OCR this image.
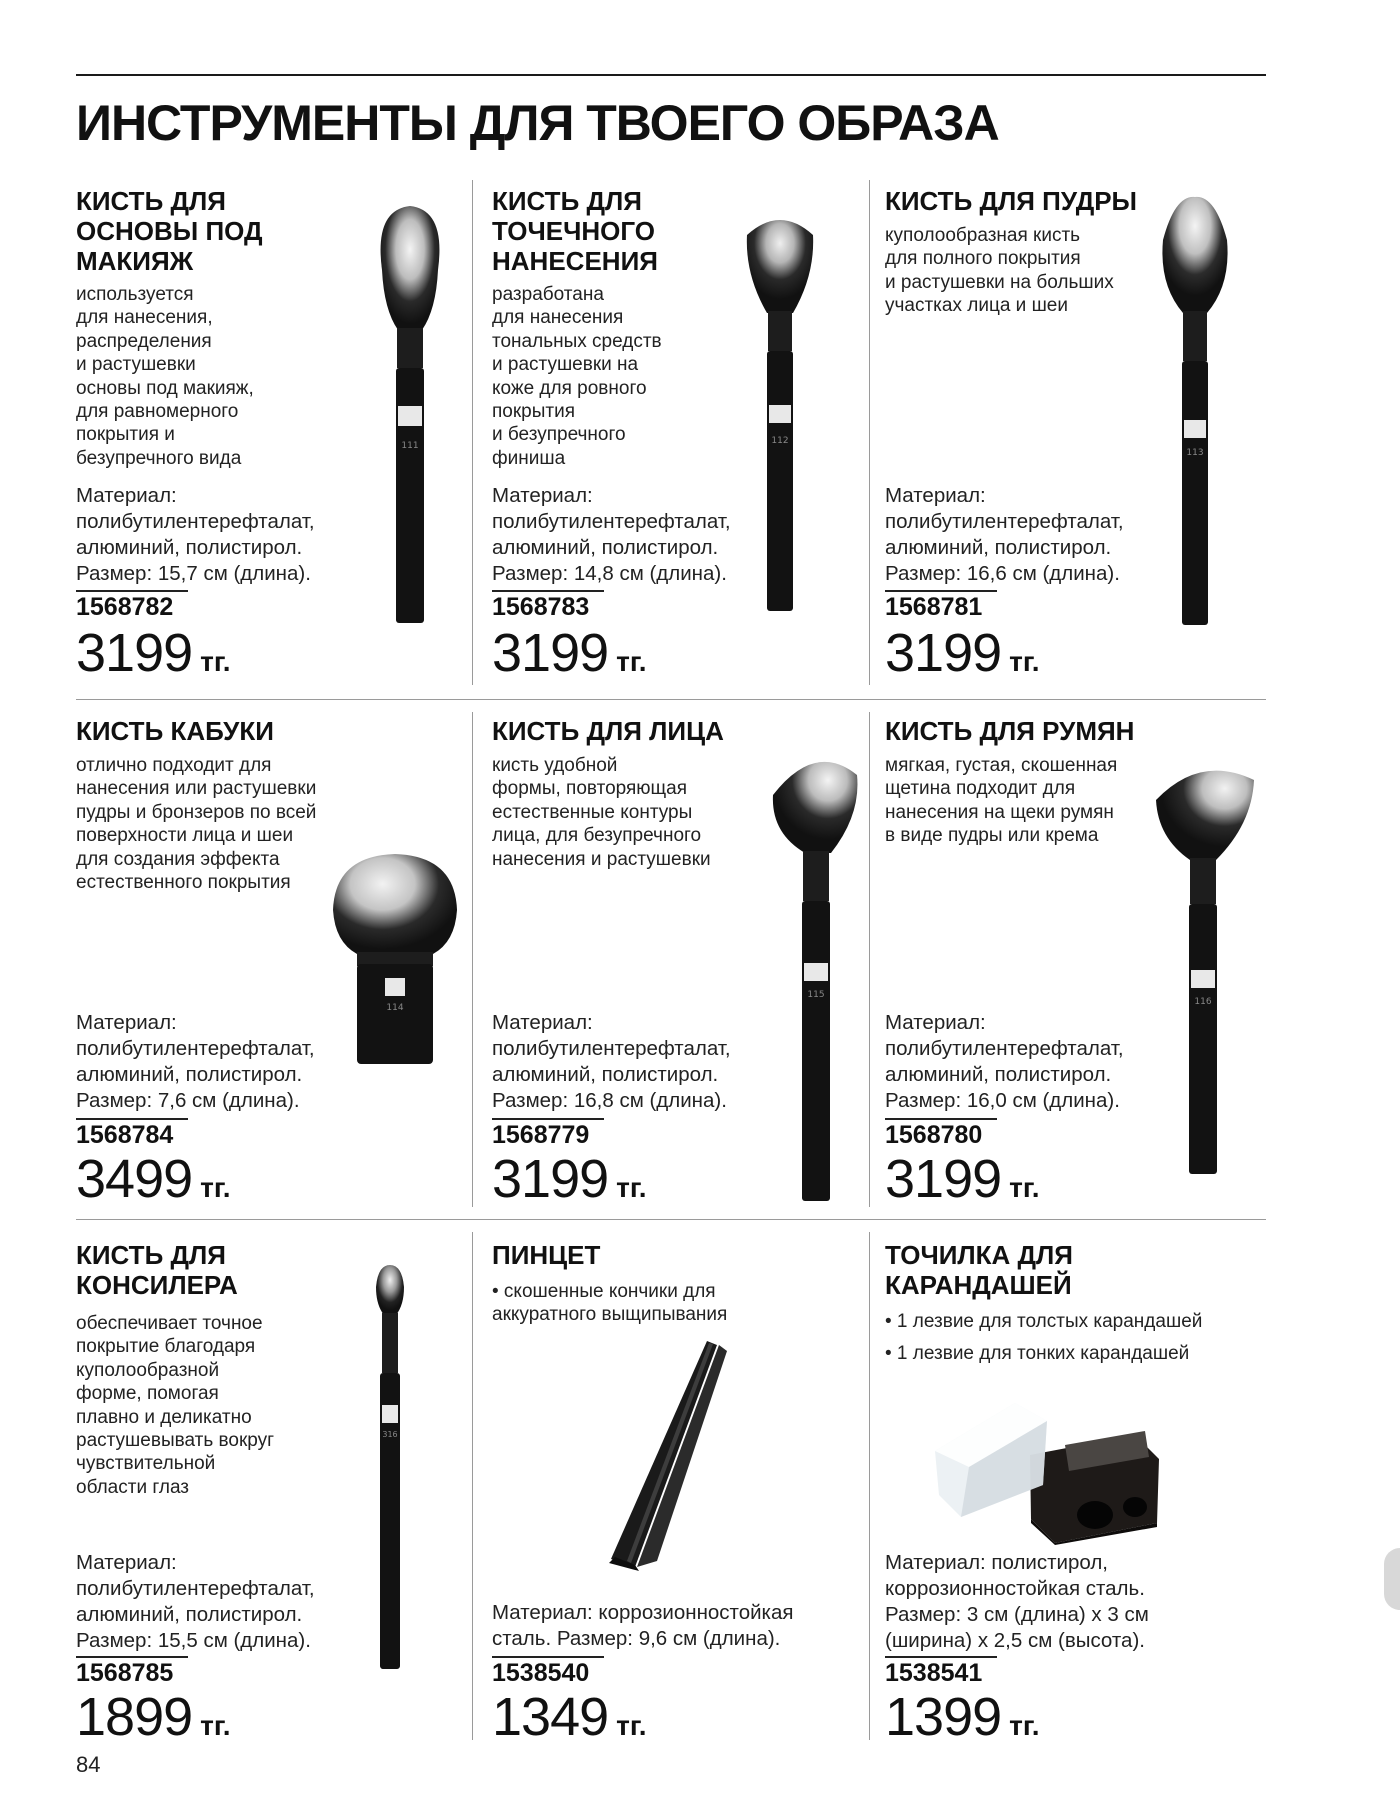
ИНСТРУМЕНТЫ ДЛЯ ТВОЕГО ОБРАЗА
КИСТЬ ДЛЯ
ОСНОВЫ ПОД
МАКИЯЖ
используется
для нанесения,
распределения
и растушевки
основы под макияж,
для равномерного
покрытия и
безупречного вида
Материал:
полибутилентерефталат,
алюминий, полистирол.
Размер: 15,7 см (длина).
1568782
3199 тг.
111
КИСТЬ ДЛЯ
ТОЧЕЧНОГО
НАНЕСЕНИЯ
разработана
для нанесения
тональных средств
и растушевки на
коже для ровного
покрытия
и безупречного
финиша
Материал:
полибутилентерефталат,
алюминий, полистирол.
Размер: 14,8 см (длина).
1568783
3199 тг.
112
КИСТЬ ДЛЯ ПУДРЫ
куполообразная кисть
для полного покрытия
и растушевки на больших
участках лица и шеи
Материал:
полибутилентерефталат,
алюминий, полистирол.
Размер: 16,6 см (длина).
1568781
3199 тг.
113
КИСТЬ КАБУКИ
отлично подходит для
нанесения или растушевки
пудры и бронзеров по всей
поверхности лица и шеи
для создания эффекта
естественного покрытия
Материал:
полибутилентерефталат,
алюминий, полистирол.
Размер: 7,6 см (длина).
1568784
3499 тг.
114
КИСТЬ ДЛЯ ЛИЦА
кисть удобной
формы, повторяющая
естественные контуры
лица, для безупречного
нанесения и растушевки
Материал:
полибутилентерефталат,
алюминий, полистирол.
Размер: 16,8 см (длина).
1568779
3199 тг.
115
КИСТЬ ДЛЯ РУМЯН
мягкая, густая, скошенная
щетина подходит для
нанесения на щеки румян
в виде пудры или крема
Материал:
полибутилентерефталат,
алюминий, полистирол.
Размер: 16,0 см (длина).
1568780
3199 тг.
116
КИСТЬ ДЛЯ
КОНСИЛЕРА
обеспечивает точное
покрытие благодаря
куполообразной
форме, помогая
плавно и деликатно
растушевывать вокруг
чувствительной
области глаз
Материал:
полибутилентерефталат,
алюминий, полистирол.
Размер: 15,5 см (длина).
1568785
1899 тг.
316
ПИНЦЕТ
• скошенные кончики для
аккуратного выщипывания
Материал: коррозионностойкая
сталь. Размер: 9,6 см (длина).
1538540
1349 тг.
ТОЧИЛКА ДЛЯ
КАРАНДАШЕЙ
• 1 лезвие для толстых карандашей
• 1 лезвие для тонких карандашей
Материал: полистирол,
коррозионностойкая сталь.
Размер: 3 см (длина) x 3 см
(ширина) x 2,5 см (высота).
1538541
1399 тг.
84
